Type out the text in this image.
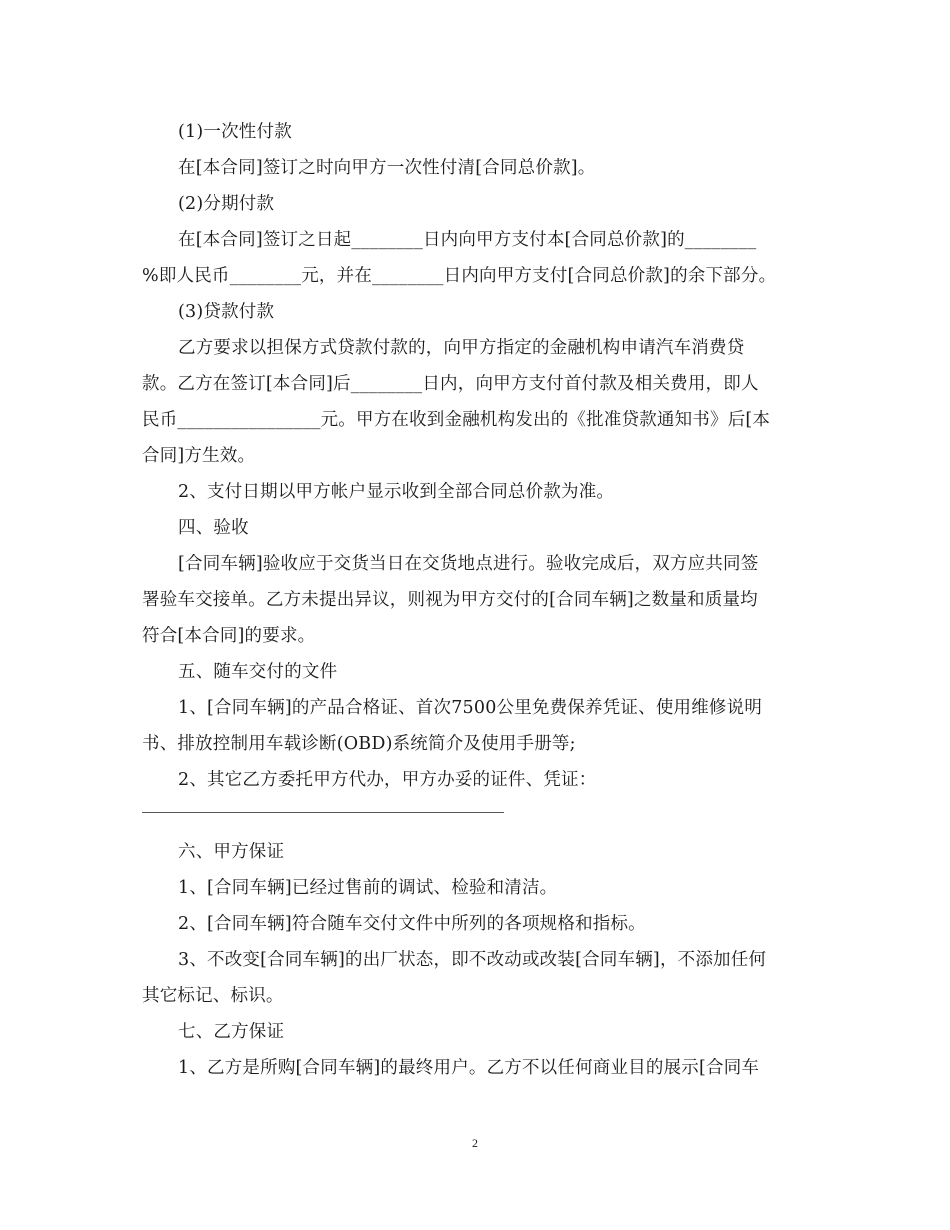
(1)一次性付款
在[本合同]签订之时向甲方一次性付清[合同总价款]。
(2)分期付款
在[本合同]签订之日起________日内向甲方支付本[合同总价款]的________
%即人民币________元，并在________日内向甲方支付[合同总价款]的余下部分。
(3)贷款付款
乙方要求以担保方式贷款付款的，向甲方指定的金融机构申请汽车消费贷
款。乙方在签订[本合同]后________日内，向甲方支付首付款及相关费用，即人
民币________________元。甲方在收到金融机构发出的《批准贷款通知书》后[本
合同]方生效。
2、支付日期以甲方帐户显示收到全部合同总价款为准。
四、验收
[合同车辆]验收应于交货当日在交货地点进行。验收完成后，双方应共同签
署验车交接单。乙方未提出异议，则视为甲方交付的[合同车辆]之数量和质量均
符合[本合同]的要求。
五、随车交付的文件
1、[合同车辆]的产品合格证、首次7500公里免费保养凭证、使用维修说明
书、排放控制用车载诊断(OBD)系统简介及使用手册等;
2、其它乙方委托甲方代办，甲方办妥的证件、凭证：
六、甲方保证
1、[合同车辆]已经过售前的调试、检验和清洁。
2、[合同车辆]符合随车交付文件中所列的各项规格和指标。
3、不改变[合同车辆]的出厂状态，即不改动或改装[合同车辆]，不添加任何
其它标记、标识。
七、乙方保证
1、乙方是所购[合同车辆]的最终用户。乙方不以任何商业目的展示[合同车
2
